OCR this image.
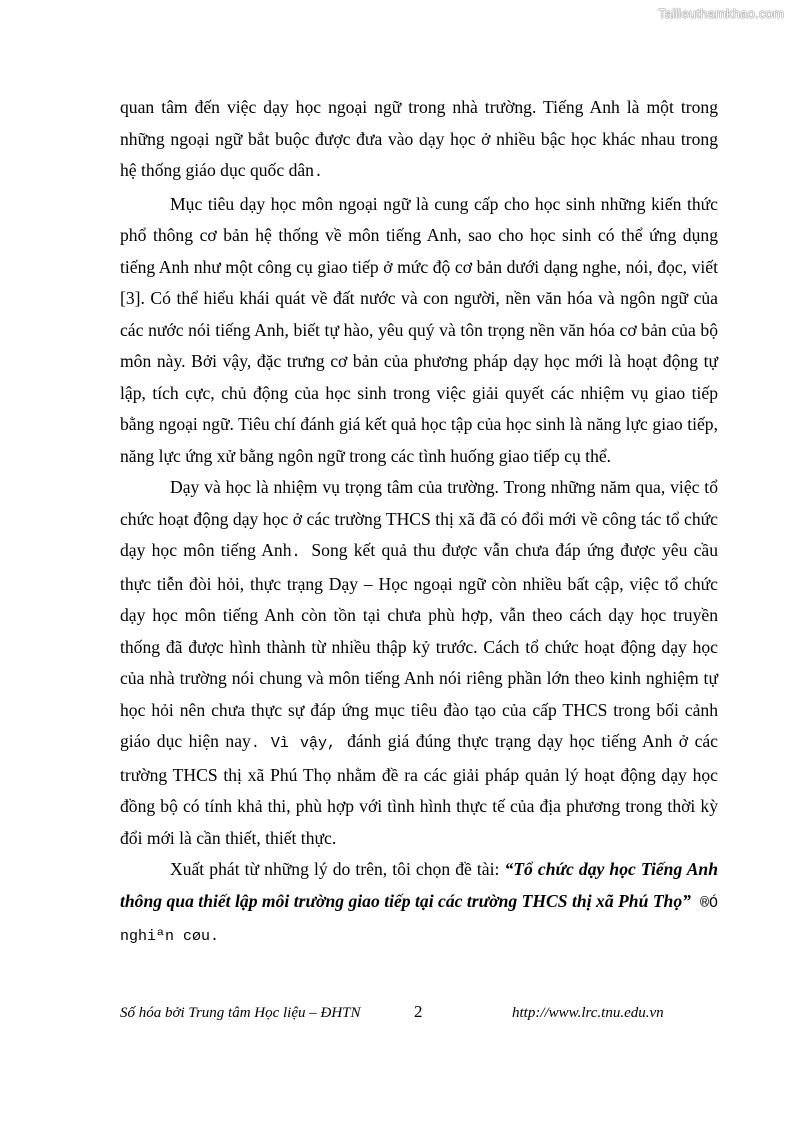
Tailieuthamkhao.com

quan tâm đến việc dạy học ngoại ngữ trong nhà trường. Tiếng Anh là một trong những ngoại ngữ bắt buộc được đưa vào dạy học ở nhiều bậc học khác nhau trong hệ thống giáo dục quốc dân.

Mục tiêu dạy học môn ngoại ngữ là cung cấp cho học sinh những kiến thức phổ thông cơ bản hệ thống về môn tiếng Anh, sao cho học sinh có thể ứng dụng tiếng Anh như một công cụ giao tiếp ở mức độ cơ bản dưới dạng nghe, nói, đọc, viết [3]. Có thể hiểu khái quát về đất nước và con người, nền văn hóa và ngôn ngữ của các nước nói tiếng Anh, biết tự hào, yêu quý và tôn trọng nền văn hóa cơ bản của bộ môn này. Bởi vậy, đặc trưng cơ bản của phương pháp dạy học mới là hoạt động tự lập, tích cực, chủ động của học sinh trong việc giải quyết các nhiệm vụ giao tiếp bằng ngoại ngữ. Tiêu chí đánh giá kết quả học tập của học sinh là năng lực giao tiếp, năng lực ứng xử bằng ngôn ngữ trong các tình huống giao tiếp cụ thể.

Dạy và học là nhiệm vụ trọng tâm của trường. Trong những năm qua, việc tổ chức hoạt động dạy học ở các trường THCS thị xã đã có đổi mới về công tác tổ chức dạy học môn tiếng Anh. Song kết quả thu được vẫn chưa đáp ứng được yêu cầu thực tiễn đòi hỏi, thực trạng Dạy – Học ngoại ngữ còn nhiều bất cập, việc tổ chức dạy học môn tiếng Anh còn tồn tại chưa phù hợp, vẫn theo cách dạy học truyền thống đã được hình thành từ nhiều thập kỷ trước. Cách tổ chức hoạt động dạy học của nhà trường nói chung và môn tiếng Anh nói riêng phần lớn theo kinh nghiệm tự học hỏi nên chưa thực sự đáp ứng mục tiêu đào tạo của cấp THCS trong bối cảnh giáo dục hiện nay. Vì vậy, đánh giá đúng thực trạng dạy học tiếng Anh ở các trường THCS thị xã Phú Thọ nhằm đề ra các giải pháp quản lý hoạt động dạy học đồng bộ có tính khả thi, phù hợp với tình hình thực tế của địa phương trong thời kỳ đổi mới là cần thiết, thiết thực.

Xuất phát từ những lý do trên, tôi chọn đề tài: “Tổ chức dạy học Tiếng Anh thông qua thiết lập môi trường giao tiếp tại các trường THCS thị xã Phú Thọ” ®Ó nghiªn cøu.

Số hóa bởi Trung tâm Học liệu – ĐHTN	2	http://www.lrc.tnu.edu.vn
